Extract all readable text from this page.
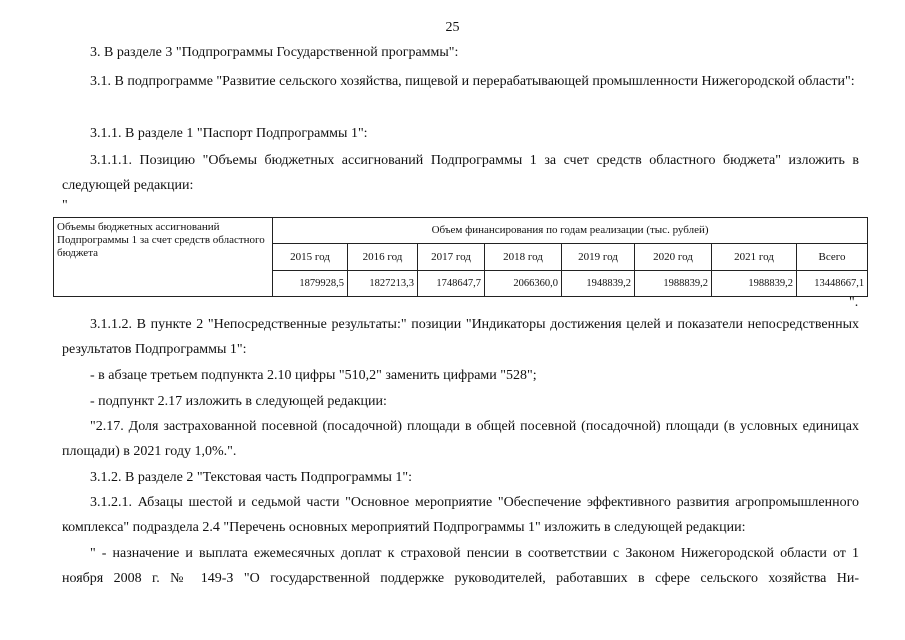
25
3. В разделе 3 "Подпрограммы Государственной программы":
3.1. В подпрограмме "Развитие сельского хозяйства, пищевой и перерабатывающей промышленности Нижегородской области":
3.1.1. В разделе 1 "Паспорт Подпрограммы 1":
3.1.1.1. Позицию "Объемы бюджетных ассигнований Подпрограммы 1 за счет средств областного бюджета" изложить в следующей редакции:
"
Объемы бюджетных ассигнований Подпрограммы 1 за счет средств областного бюджета	Объем финансирования по годам реализации (тыс. рублей)							
	2015 год	2016 год	2017 год	2018 год	2019 год	2020 год	2021 год	Всего
	1879928,5	1827213,3	1748647,7	2066360,0	1948839,2	1988839,2	1988839,2	13448667,1
".
3.1.1.2. В пункте 2 "Непосредственные результаты:" позиции "Индикаторы достижения целей и показатели непосредственных результатов Подпрограммы 1":
- в абзаце третьем подпункта 2.10 цифры "510,2" заменить цифрами "528";
- подпункт 2.17 изложить в следующей редакции:
"2.17. Доля застрахованной посевной (посадочной) площади в общей посевной (посадочной) площади (в условных единицах площади) в 2021 году 1,0%.".
3.1.2. В разделе 2 "Текстовая часть Подпрограммы 1":
3.1.2.1. Абзацы шестой и седьмой части "Основное мероприятие "Обеспечение эффективного развития агропромышленного комплекса" подраздела 2.4 "Перечень основных мероприятий Подпрограммы 1" изложить в следующей редакции:
" - назначение и выплата ежемесячных доплат к страховой пенсии в соответствии с Законом Нижегородской области от 1 ноября 2008 г. № 149-З "О государственной поддержке руководителей, работавших в сфере сельского хозяйства Ни-
